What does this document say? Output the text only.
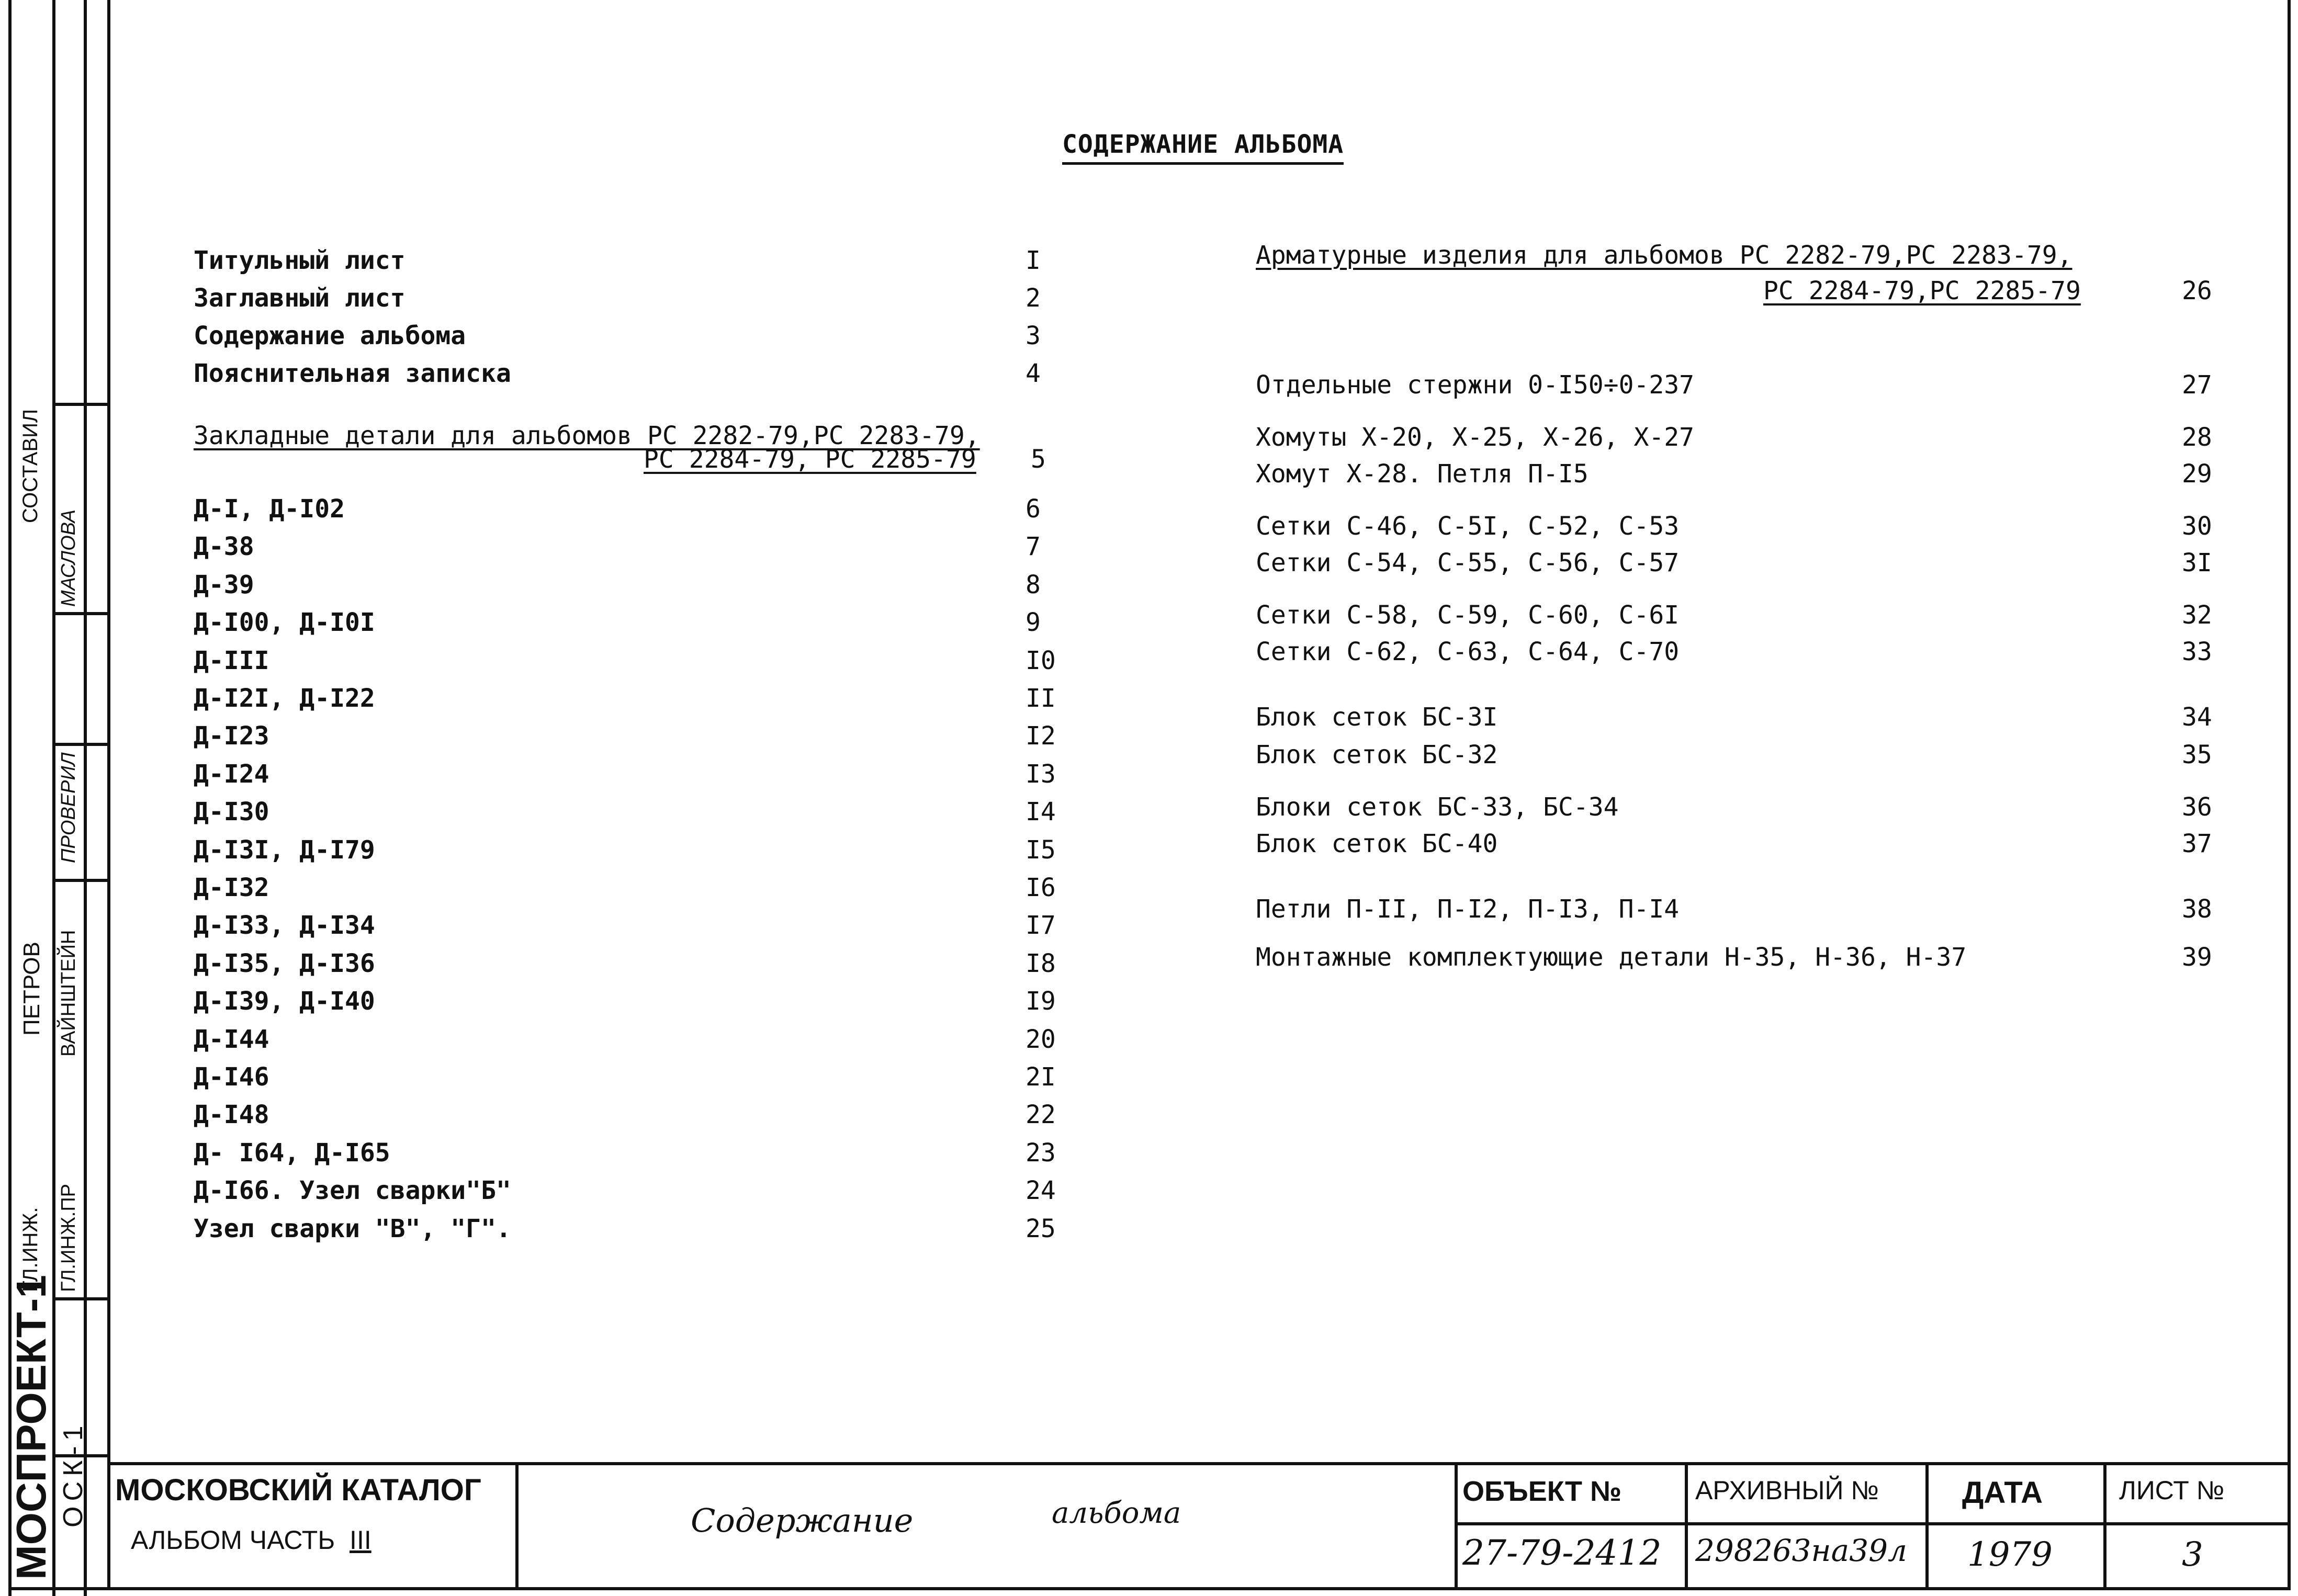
МОСПРОЕКТ-1
ГЛ.ИНЖ.
ПЕТРОВ
СОСТАВИЛ
ГЛ.ИНЖ.ПР
ВАЙНШТЕЙН
ПРОВЕРИЛ
МАСЛОВА
ОСК-1
СОДЕРЖАНИЕ АЛЬБОМА
Титульный лист	I
Заглавный лист	2
Содержание альбома	3
Пояснительная записка	4
Закладные детали для альбомов РС 2282-79,РС 2283-79,
РС 2284-79, РС 2285-79 5
Д-I, Д-I02	6
Д-38	7
Д-39	8
Д-I00, Д-I0I	9
Д-III	I0
Д-I2I, Д-I22	II
Д-I23	I2
Д-I24	I3
Д-I30	I4
Д-I3I, Д-I79	I5
Д-I32	I6
Д-I33, Д-I34	I7
Д-I35, Д-I36	I8
Д-I39, Д-I40	I9
Д-I44	20
Д-I46	2I
Д-I48	22
Д- I64, Д-I65	23
Д-I66. Узел сварки"Б"	24
Узел сварки "В", "Г".	25
Арматурные изделия для альбомов РС 2282-79,РС 2283-79,
РС 2284-79,РС 2285-79	26
Отдельные стержни 0-I50÷0-237	27
Хомуты Х-20, Х-25, Х-26, Х-27	28
Хомут Х-28. Петля П-I5	29
Сетки С-46, С-5I, С-52, С-53	30
Сетки С-54, С-55, С-56, С-57	3I
Сетки С-58, С-59, С-60, С-6I	32
Сетки С-62, С-63, С-64, С-70	33
Блок сеток БС-3I	34
Блок сеток БС-32	35
Блоки сеток БС-33, БС-34	36
Блок сеток БС-40	37
Петли П-II, П-I2, П-I3, П-I4	38
Монтажные комплектующие детали Н-35, Н-36, Н-37	39
МОСКОВСКИЙ КАТАЛОГ
АЛЬБОМ ЧАСТЬ III
Содержание	альбома
ОБЪЕКТ №
27-79-2412
АРХИВНЫЙ №
298263на39л
ДАТА
1979
ЛИСТ №
3
